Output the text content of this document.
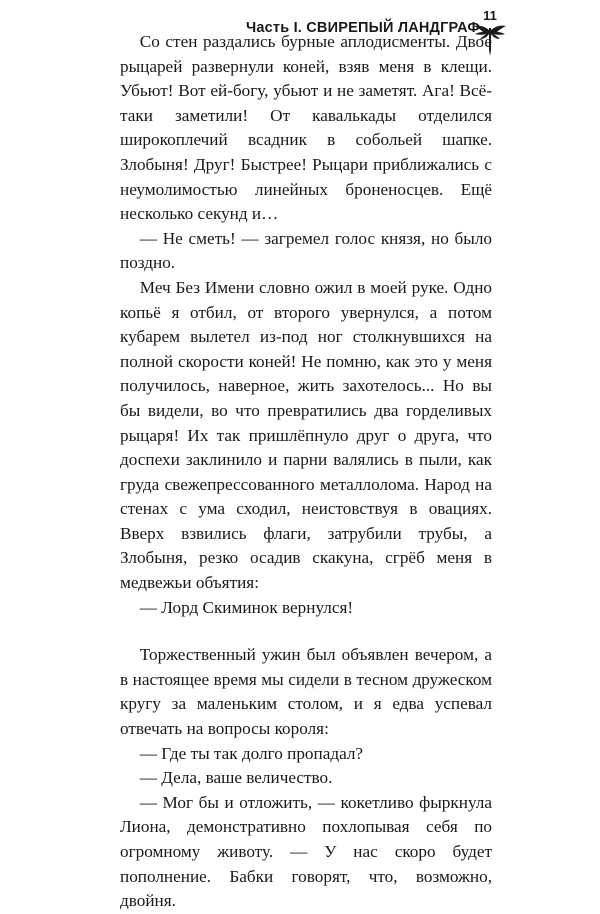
Часть I. СВИРЕПЫЙ ЛАНДГРАФ
11

Со стен раздались бурные аплодисменты. Двое рыцарей развернули коней, взяв меня в клещи. Убьют! Вот ей-богу, убьют и не заметят. Ага! Всё-таки заметили! От кавалькады отделился широкоплечий всадник в собольей шапке. Злобыня! Друг! Быстрее! Рыцари приближались с неумолимостью линейных броненосцев. Ещё несколько секунд и…

— Не сметь! — загремел голос князя, но было поздно.

Меч Без Имени словно ожил в моей руке. Одно копьё я отбил, от второго увернулся, а потом кубарем вылетел из-под ног столкнувшихся на полной скорости коней! Не помню, как это у меня получилось, наверное, жить захотелось... Но вы бы видели, во что превратились два горделивых рыцаря! Их так пришлёпнуло друг о друга, что доспехи заклинило и парни валялись в пыли, как груда свежепрессованного металлолома. Народ на стенах с ума сходил, неистовствуя в овациях. Вверх взвились флаги, затрубили трубы, а Злобыня, резко осадив скакуна, сгрёб меня в медвежьи объятия:

— Лорд Скиминок вернулся!

Торжественный ужин был объявлен вечером, а в настоящее время мы сидели в тесном дружеском кругу за маленьким столом, и я едва успевал отвечать на вопросы короля:

— Где ты так долго пропадал?

— Дела, ваше величество.

— Мог бы и отложить, — кокетливо фыркнула Лиона, демонстративно похлопывая себя по огромному животу. — У нас скоро будет пополнение. Бабки говорят, что, возможно, двойня.
